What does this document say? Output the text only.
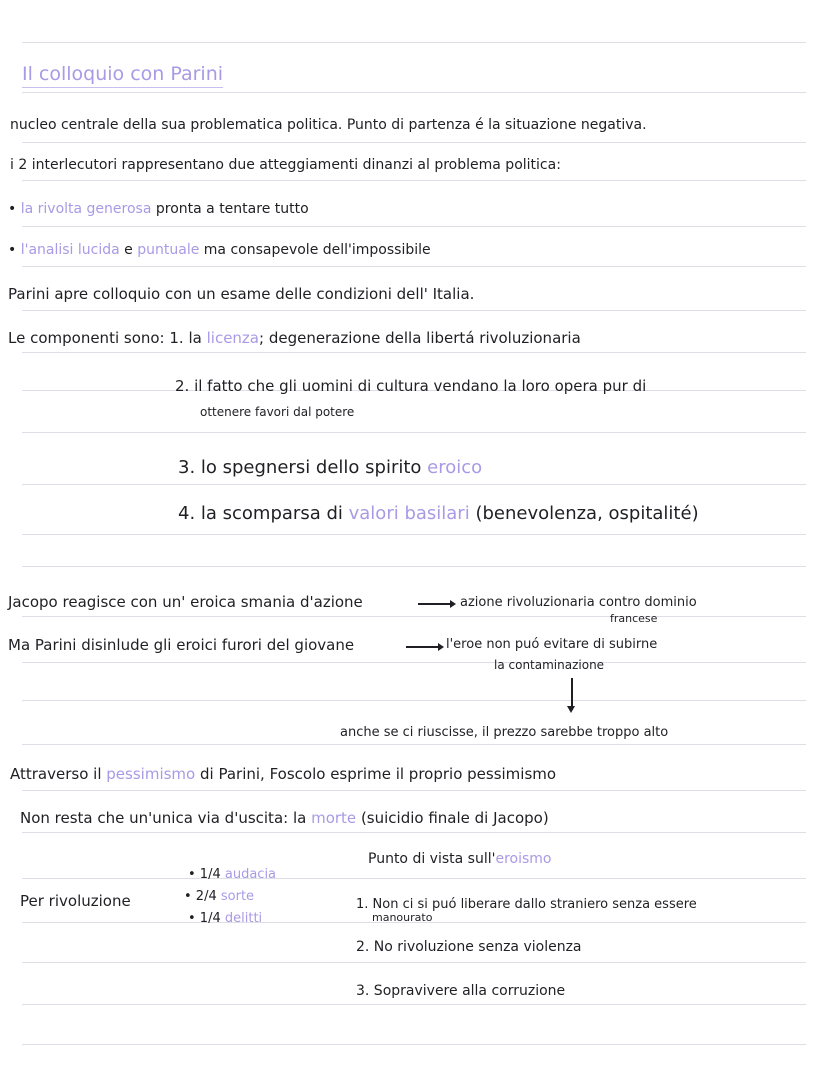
Il colloquio con Parini
nucleo centrale della sua problematica politica. Punto di partenza é la situazione negativa.
i 2 interlecutori rappresentano due atteggiamenti dinanzi al problema politica:
• la rivolta generosa pronta a tentare tutto
• l'analisi lucida e puntuale ma consapevole dell'impossibile
Parini apre colloquio con un esame delle condizioni dell' Italia.
Le componenti sono: 1. la licenza; degenerazione della libertá rivoluzionaria
2. il fatto che gli uomini di cultura vendano la loro opera pur di
ottenere favori dal potere
3. lo spegnersi dello spirito eroico
4. la scomparsa di valori basilari (benevolenza, ospitalité)
Jacopo reagisce con un' eroica smania d'azione	azione rivoluzionaria contro dominio
francese
Ma Parini disinlude gli eroici furori del giovane	l'eroe non puó evitare di subirne
la contaminazione
anche se ci riuscisse, il prezzo sarebbe troppo alto
Attraverso il pessimismo di Parini, Foscolo esprime il proprio pessimismo
Non resta che un'unica via d'uscita: la morte (suicidio finale di Jacopo)
Per rivoluzione
• 1/4 audacia
• 2/4 sorte
• 1/4 delitti
Punto di vista sull'eroismo
1. Non ci si puó liberare dallo straniero senza essere
manourato
2. No rivoluzione senza violenza
3. Sopravivere alla corruzione
